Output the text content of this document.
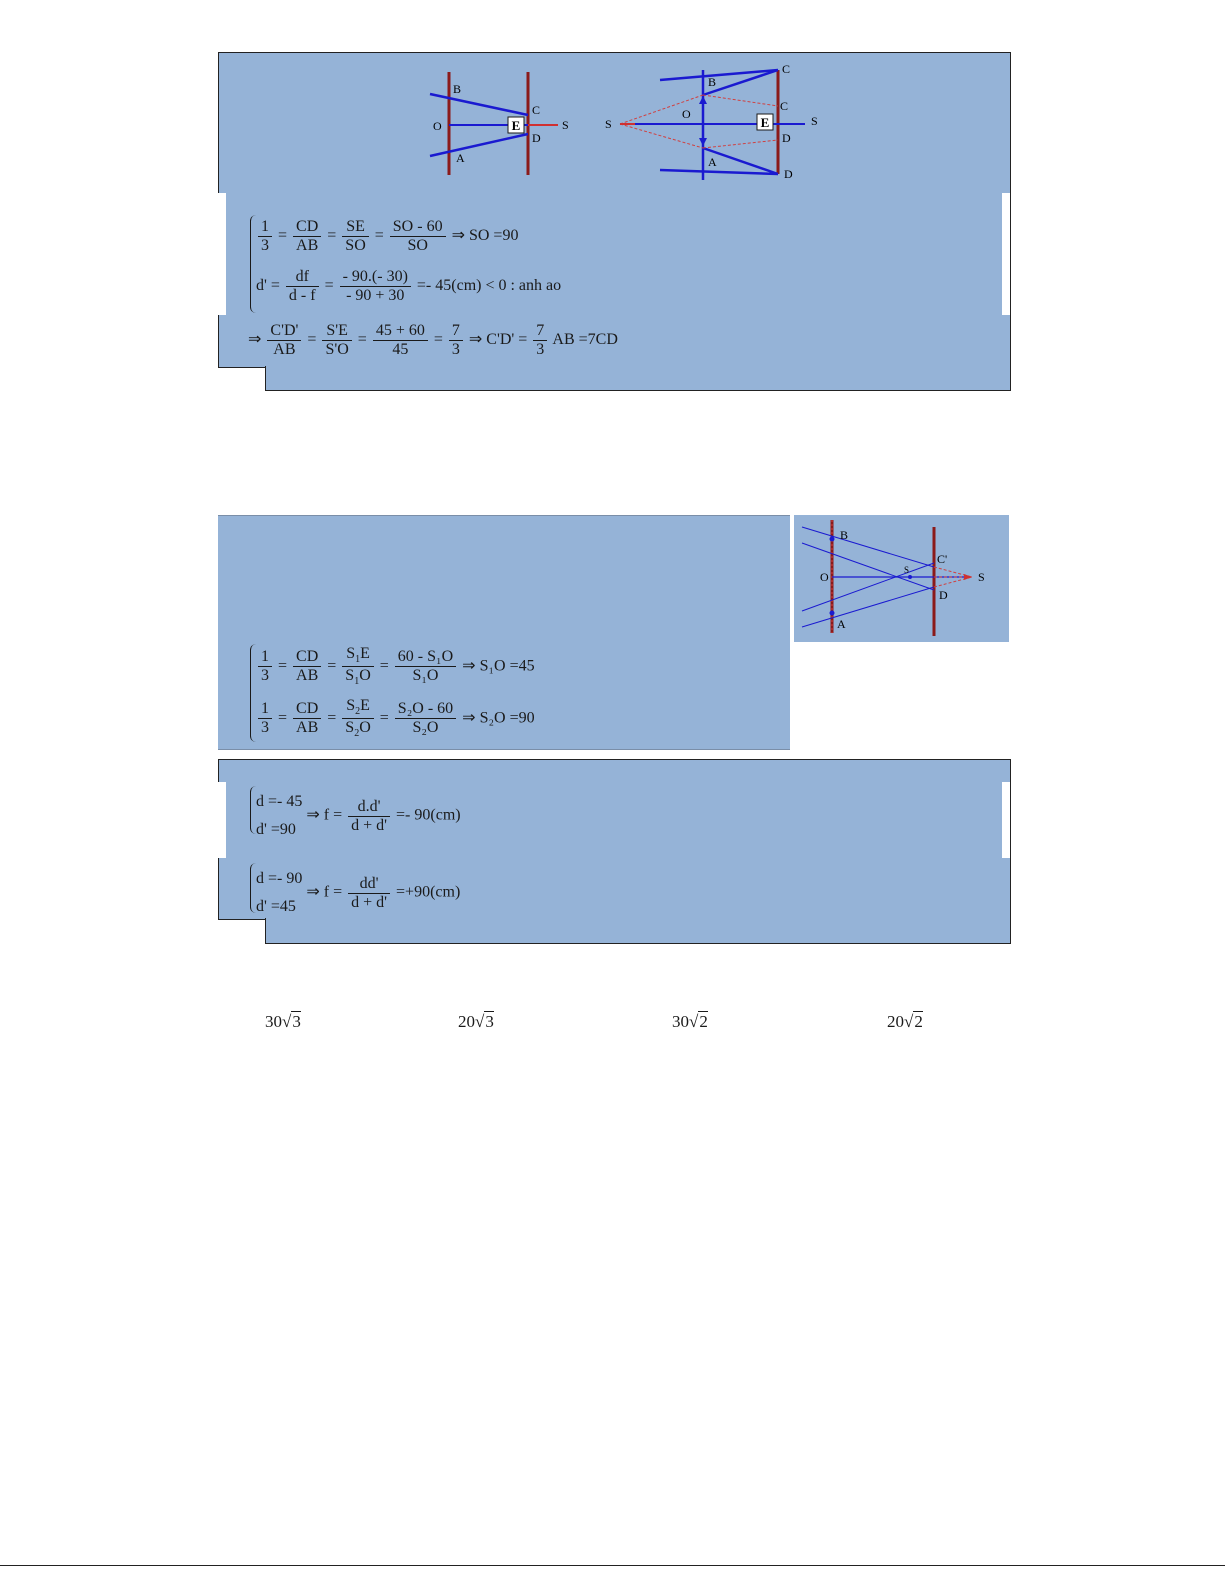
E
B
O
A
C
D
S	E
S	S
B
A
O
C
C
D
D
$\frac{1}{3} = \frac{CD}{AB} = \frac{SE}{SO} = \frac{SO - 60}{SO}$ ⇒ SO =90
$d' = \frac{df}{d - f} = \frac{- 90.(- 30)}{- 90 + 30} =- 45(cm) < 0$ : anh ao
⇒ $\frac{C'D'}{AB} = \frac{S'E}{S'O} = \frac{45 + 60}{45} = \frac{7}{3}$ ⇒ $C'D' = \frac{7}{3}$ AB =7CD
B
A
O
C'
D
S	S
$\frac{1}{3} = \frac{CD}{AB} = \frac{S_1E}{S_1O} = \frac{\text{60 - S₁O}}{\text{S₁O}}$ ⇒ S₁O =45
$\frac{1}{3} = \frac{CD}{AB} = \frac{S_2E}{S_2O} = \frac{\text{S₂O - 60}}{\text{S₂O}}$ ⇒ S₂O =90
d =- 45
d' =90
⇒ $f = \frac{d.d'}{d + d'} =- 90(cm)$
d =- 90
d' =45
⇒ $f = \frac{dd'}{d + d'} =+90(cm)$
30√3	20√3	30√2	20√2
